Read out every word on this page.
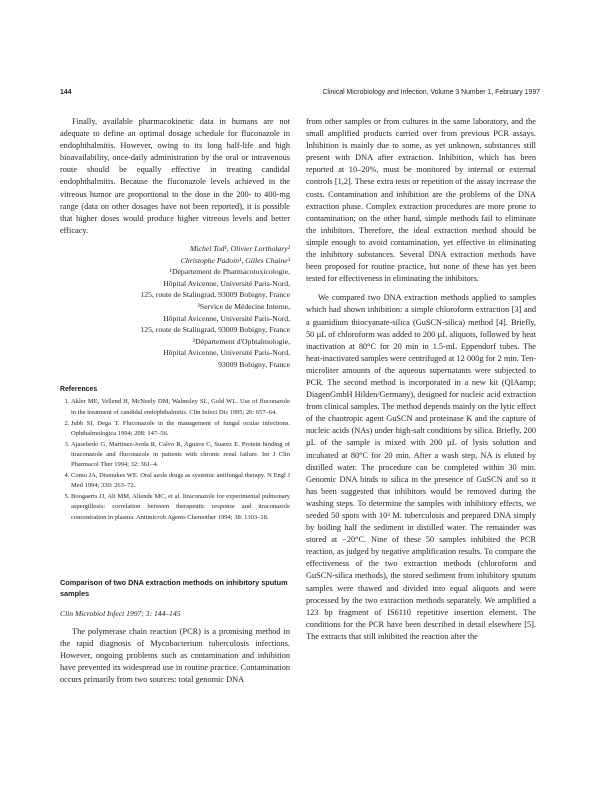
144	Clinical Microbiology and Infection, Volume 3 Number 1, February 1997

Finally, available pharmacokinetic data in humans are not adequate to define an optimal dosage schedule for fluconazole in endophthalmitis. However, owing to its long half-life and high bioavailability, once-daily administration by the oral or intravenous route should be equally effective in treating candidal endophthalmitis. Because the fluconazole levels achieved in the vitreous humor are proportional to the dose in the 200- to 400-mg range (data on other dosages have not been reported), it is possible that higher doses would produce higher vitreous levels and better efficacy.

Michel Tod¹, Olivier Lortholary²
Christophe Padoin¹, Gilles Chaine³
¹Département de Pharmacotoxicologie,
Hôpital Avicenne, Université Paris-Nord,
125, route de Stalingrad, 93009 Bobigny, France
²Service de Médecine Interne,
Hôpital Avicenne, Université Paris-Nord,
125, route de Stalingrad, 93009 Bobigny, France
³Département d'Ophtalmologie,
Hôpital Avicenne, Université Paris-Nord,
93009 Bobigny, France
References
1. Akler ME, Vellend H, McNeely DM, Walmsley SL, Gold WL. Use of fluconazole in the treatment of candidal endophthalmitis. Clin Infect Dis 1995; 20: 657–64.
2. Jubb SI, Dega T. Fluconazole in the management of fungal ocular infections. Ophthalmologica 1994; 208: 147–56.
3. Ajasebedo G, Martinez-Jorda R, Calvo R, Aguirre C, Suarez E. Protein binding of itraconazole and fluconazole in patients with chronic renal failure. Int J Clin Pharmacol Ther 1994; 32: 361–4.
4. Como JA, Dismukes WE. Oral azole drugs as systemic antifungal therapy. N Engl J Med 1994; 330: 263–72.
5. Boogaerts JJ, Ali MM, Allende MC, et al. Itraconazole for experimental pulmonary aspergillosis: correlation between therapeutic response and itraconazole concentration in plasma. Antimicrob Agents Chemother 1994; 38: 1303–18.
Comparison of two DNA extraction methods on inhibitory sputum samples
Clin Microbiol Infect 1997; 3: 144–145

The polymerase chain reaction (PCR) is a promising method in the rapid diagnosis of Mycobacterium tuberculosis infections. However, ongoing problems such as contamination and inhibition have prevented its widespread use in routine practice. Contamination occurs primarily from two sources: total genomic DNA

from other samples or from cultures in the same laboratory, and the small amplified products carried over from previous PCR assays. Inhibition is mainly due to some, as yet unknown, substances still present with DNA after extraction. Inhibition, which has been reported at 10–20%, must be monitored by internal or external controls [1,2]. These extra tests or repetition of the assay increase the costs. Contamination and inhibition are the problems of the DNA extraction phase. Complex extraction procedures are more prone to contamination; on the other hand, simple methods fail to eliminate the inhibitors. Therefore, the ideal extraction method should be simple enough to avoid contamination, yet effective in eliminating the inhibitory substances. Several DNA extraction methods have been proposed for routine practice, but none of these has yet been tested for effectiveness in eliminating the inhibitors.

We compared two DNA extraction methods applied to samples which had shown inhibition: a simple chloroform extraction [3] and a guanidium thiocyanate-silica (GuSCN-silica) method [4]. Briefly, 50 µL of chloroform was added to 200 µL aliquots, followed by heat inactivation at 80°C for 20 min in 1.5-mL Eppendorf tubes. The heat-inactivated samples were centrifuged at 12 000g for 2 min. Ten-microliter amounts of the aqueous supernatants were subjected to PCR. The second method is incorporated in a new kit (QIAamp; DiagenGmbH Hilden/Germany), designed for nucleic acid extraction from clinical samples. The method depends mainly on the lytic effect of the chaotropic agent GuSCN and proteinase K and the capture of nucleic acids (NAs) under high-salt conditions by silica. Briefly, 200 µL of the sample is mixed with 200 µL of lysis solution and incubated at 80°C for 20 min. After a wash step, NA is eluted by distilled water. The procedure can be completed within 30 min. Genomic DNA binds to silica in the presence of GuSCN and so it has been suggested that inhibitors would be removed during the washing steps. To determine the samples with inhibitory effects, we seeded 50 spots with 10³ M. tuberculosis and prepared DNA simply by boiling half the sediment in distilled water. The remainder was stored at −20°C. Nine of these 50 samples inhibited the PCR reaction, as judged by negative amplification results. To compare the effectiveness of the two extraction methods (chloroform and GuSCN-silica methods), the stored sediment from inhibitory sputum samples were thawed and divided into equal aliquots and were processed by the two extraction methods separately. We amplified a 123 bp fragment of IS6110 repetitive insertion element. The conditions for the PCR have been described in detail elsewhere [5]. The extracts that still inhibited the reaction after the
